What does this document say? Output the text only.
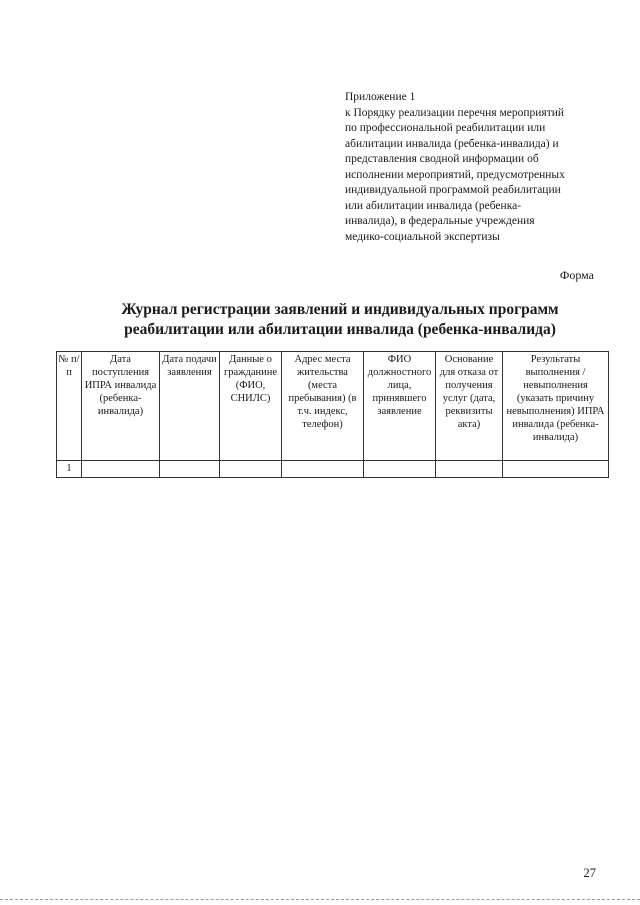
Приложение 1
к Порядку реализации перечня мероприятий
по профессиональной реабилитации или
абилитации инвалида (ребенка-инвалида) и
представления сводной информации об
исполнении мероприятий, предусмотренных
индивидуальной программой реабилитации
или абилитации инвалида (ребенка-
инвалида), в федеральные учреждения
медико-социальной экспертизы
Форма
Журнал регистрации заявлений и индивидуальных программ
реабилитации или абилитации инвалида (ребенка-инвалида)
№ п/п	Дата поступления ИПРА инвалида (ребенка-инвалида)	Дата подачи заявления	Данные о гражданине (ФИО, СНИЛС)	Адрес места жительства (места пребывания) (в т.ч. индекс, телефон)	ФИО должностного лица, принявшего заявление	Основание для отказа от получения услуг (дата, реквизиты акта)	Результаты выполнения /невыполнения (указать причину невыполнения) ИПРА инвалида (ребенка-инвалида)
1							
27
